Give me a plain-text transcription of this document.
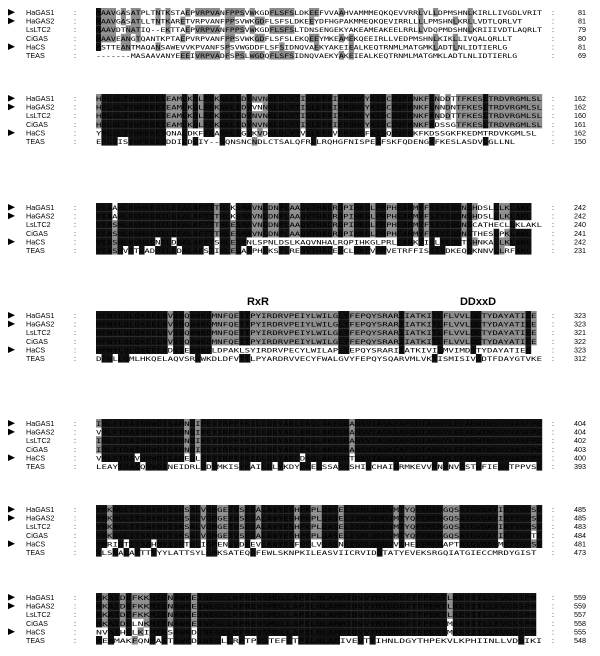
HaGAS1	:	MAAVGASATPLTNTKSTAEPVRPVANFPPSVWKGDFLSFSLDKEEFVVAAHVAMMMEQKQEVVRRLVLLDPMSHNLKIRLLIVGDLVRIT :	81
HaGAS2	:	MAAVGASATLLTNTKARETVRPVANFPPSVWKGDFLSFSLDKEEYDFHGPAKMMEQKQEVIRRLLLLPMSHNLKRLLVDTLQRLVT	:	81
LsLTC2	:	MAAVDTNATIQ--EKTTAEPVRPVANFPPSVWKGDFLSFSLTDNSENGEKYAKEAMEAKEELRRLLVDQPMDSHNLKRIIIVDTLAQRLT :	79
CiGAS	:	MAAVEANGTQANTKPTAEPVRPVANFPPSVWKGDFLSFSLEKQEEYMKEAMEKQEEIRLLVEDPMSHNLKIKLLIVQALQRLLT	:	80
HaCS	:	MSTTEANTMAQANSAWEVVKPVANFSPSVWGDDFLSFSIDNQVAEKYAKEIEALKEQTRNMLMATGMKLADTLNLIDTIERLG	:	81
TEAS	:	-------MASAAVANYEEEIVRPVADFSPSLWGDQFLSFSIDNQVAEKYAKEIEALKEQTRNMLMATGMKLADTLNLIDTIERLG	:	69
HaGAS1	:	HRLGLTYHFEKEIEAMLKQLFEKNKLEDYNVNKLDLYTISLEFRIFRQHGYKISCDVFKNKFKNDDTTFKESLTRDVRGMLSL :	162
HaGAS2	:	HRLGLTYHFEKEIEAMLKQLFEKNKLEDYVNNKLDLYTISLEFRIFRQHGYKISCDVFKNKFKNNDNTFKESLTRDVRGMLSL :	162
LsLTC2	:	HRLGLTYHFEKEIEAMLKQLFEKNKLEDYNVNKLDLYTISLEFRIFRQHGYKISCDVFKNKFKNDDTTFKESLTRDVRGMLSL :	160
CiGAS	:	HRLGLTYHFEKEIEAMLKQLFEKNKLEDYNVNKLDLYTISLEFRIFRQHGYKISCDVFKNKFKDSSGTFKESLTRDVRGMLSL :	161
HaCS	:	YRLGLTYHFEKEIQNALDKFFEANKLEGYKVDKLDLYTVSLEFRVFRQHGFKISQDVFKKFKDSSGKFKEDMTRDVKGMLSL :	162
TEAS	:	ERLGISYHFEKEIDDILDQIY--NQNSNCNDLCTSALQFRLLRQHGFNISPEIFSKFQDENGKFKESLASDVLGLLNL	:	150
HaGAS1	:	YEAAHLRVHGEDILEEALAFTTTHLKSMAVNLDNPLAAQVTHALRQPIHKGLPRPHEARMYFSIYEQDNSHDSLLLKLAKL	:	242
HaGAS2	:	YEAAHLRVHGEDILEEALAFTTTHLKSMAVNLDNPLAAQVTHALRQPIHKGLPRPHEARMYFSIYEQDNSHDSLLLKLAKL	:	242
LsLTC2	:	YEASHLRVHGEDILEEALAFTTTHLESMAVNLDNPLAAQVTHALRQPIHKGLPRPHEARMYFSIYEQDNSCATHECLLKLAKL :	240
CiGAS	:	YEASHLRVHGEDILEEALAFTTTHLESMAVNLDNPLAAQVTHALRQPIHKGLPRPHEARMYFSIYEQDNSTHESLPKLAKL	:	241
HaCS	:	YEASHLRVHGENILDEALAFTTSHLESMNLSPNLDSLKAQVNHALRQPIHKGLPRLEARKYISLYEQDTSHNKALLKLAKL	:	242
TEAS	:	YEASHVRTHADDILEDALAFSTIHLESAAPHLKSPLREQVTHALEQCLHKGVPRVETRFFISSIYDKEQSKNNVLLRFAKL	:	231
HaGAS1	:	HFNYLQLQKEELNVVSQWWKDMNFQETTPYIRDRVPEIYLWILGLYFEPQYSRARIIATKITLFLVVLDDTYDAYATIEE :	323
HaGAS2	:	HFNYLQLQKEELNVVSQWWKDMNFQETTPYIRDRVPEIYLWILGLYFEPQYSRARIIATKITLFLVVLDDTYDAYATIEE :	323
LsLTC2	:	HFNYLQLQKEELNVVSQWWKDMNFQETTPYIRDRVPEIYLWILGLYFEPQYSRARIIATKITLFLVVLDDTYDAYATIEE :	321
CiGAS	:	HFNYLQLQKEELNVVSQWWKDMNFQETTPYIRDRVPEIYLWILGLYFEPQYSRARIIATKITLFLVVLDDTYDAYATIEE :	322
HaCS	:	HFNYLQLQKEELNDVSEWWKDLDPAKLSYIRDRVPECYLWILAPLYEPQYSRARIIATKIVILMVIMDDTYDAYATIEE	:	323
TEAS	:	DFNLLQMLHKQELAQVSRWWKDLDFVTTLPYARDRVVECYFWALGVYFEPQYSQARVMLVKTISMISIVDDTFDAYGTVKE :	312
RxR	DDxxD
HaGAS1	:	IRLFTDAINRWDISAMNQIPEYIRPFYKILLDEYAELEKQLAKEGRANSVIASKEAFQDIARGYLEEAEWTNSGYVASFPE :	404
HaGAS2	:	VRLFTDAINRWDISAMNQIPEYIRPFYKILLDEYAELEKQLAKEGRANSVIASKEAFQDIARGYLEEAEWTNSGYVASFPE :	404
LsLTC2	:	IRLFTDAINRWDISAMNQIPEYIRPFYKILLDEYAELEKQLAKEGRANSVIASKEAFQDIARGYLEEAEWTNSGYVASFPE :	402
CiGAS	:	IRLFTDAINRWDISAMNQIPEYIRPFYKILLDEYAELEKQLAKEGRANSVIASKEAFQDIARGYLEEAEWTNSGYVASFPE :	403
HaCS	:	VRLFTDAVNRWDISAMEQLPEYIRPFYKILLDEYAELDKQLAKEGRTNSVIASKEAFQDIARGYLEEAEWTNSGYVASFPE :	400
TEAS	:	LEAYTDAIQRWDINEIDRLPDYMKISYKAILDLYKDYEKELSSAGRSHIVCHAIERMKEVVRNYNVESTWFIEGYTPPVSE :	393
HaGAS1	:	YMKNGLITSAYNVISKSALVGMGEIVSEDALAWYESHPKPLQASELISRLQDDVMTYQFERERGQSATGVDAYIKTYGVSE :	485
HaGAS2	:	YMKNGLITSAYNVISKSALVGMGEIVSEDALAWYESHPKPLQASELISRLQDDVMTYQFERERGQSATGVDAYIKTYGVSE :	485
LsLTC2	:	YMKNGLITSAYNVISKSALVGMGEIVSEDALAWYESHPKPLQASELISRLQDDVMTYQFERERGQSATGVDAYIKTYGVSE :	483
CiGAS	:	YMKNGLITSAYNVISKSALVGMGEIVSEDALAWYESHPKPLQASELISRLQDDVMTYQFERERGQSATGVDAYIKTYGVTE :	484
HaCS	:	YMRIGTITSAHNVISKTALIGMENIVDEEVLAWYESFPKLVQASNLISRLQDDVVTHEFERERAPTATGVDAYMKTYGVSE :	481
TEAS	:	YLSNALATTTYYYLATTSYLGMKSATEQDFEWLSKNPKILEASVIICRVIDDTATYEVEKSRGQIATGIECCMRDYGIST :	473
HaGAS1	:	KKAIDEFKKMIENAWKEINEGCLKPREVSMDLLAPILNLARMIDVVYRYDDGFTFPEKTLKEYITLLFVGSSPM :	559
HaGAS2	:	KKAIDEFKKMIENAWKEINEGCLKPREVSMDLLAPILNLARMIDVVYRYDDGFTFPEKTLKEYITLLFVGSSPM :	559
LsLTC2	:	KKAIDEFKKMIENAWKEINEGCLKPREVSMDLLAPILNLARMIDVVYRYDDGFTFPEKTLKEYITLLFVGSSPM :	557
CiGAS	:	KKAIDELNKMIENAWKEINEGCLKPREVSMDLLAPILNLARMIDVVYRYDDGFTFPEKTMKEYITLLFVGSSPM :	558
HaCS	:	NVAIHELKIMIESAWKDINEGCLKPREVSMDLLAPILNLARMIDVVYRYDDGFTFPEKTMKEYITLLFVGSSPM :	555
TEAS	:	KEAMAKFQNMAETAWKDINEGLLRPTPVSTEFLTPILNLARIVEVTYIHNLDGYTHPEKVLKPHIINLLVDSIKI :	548
